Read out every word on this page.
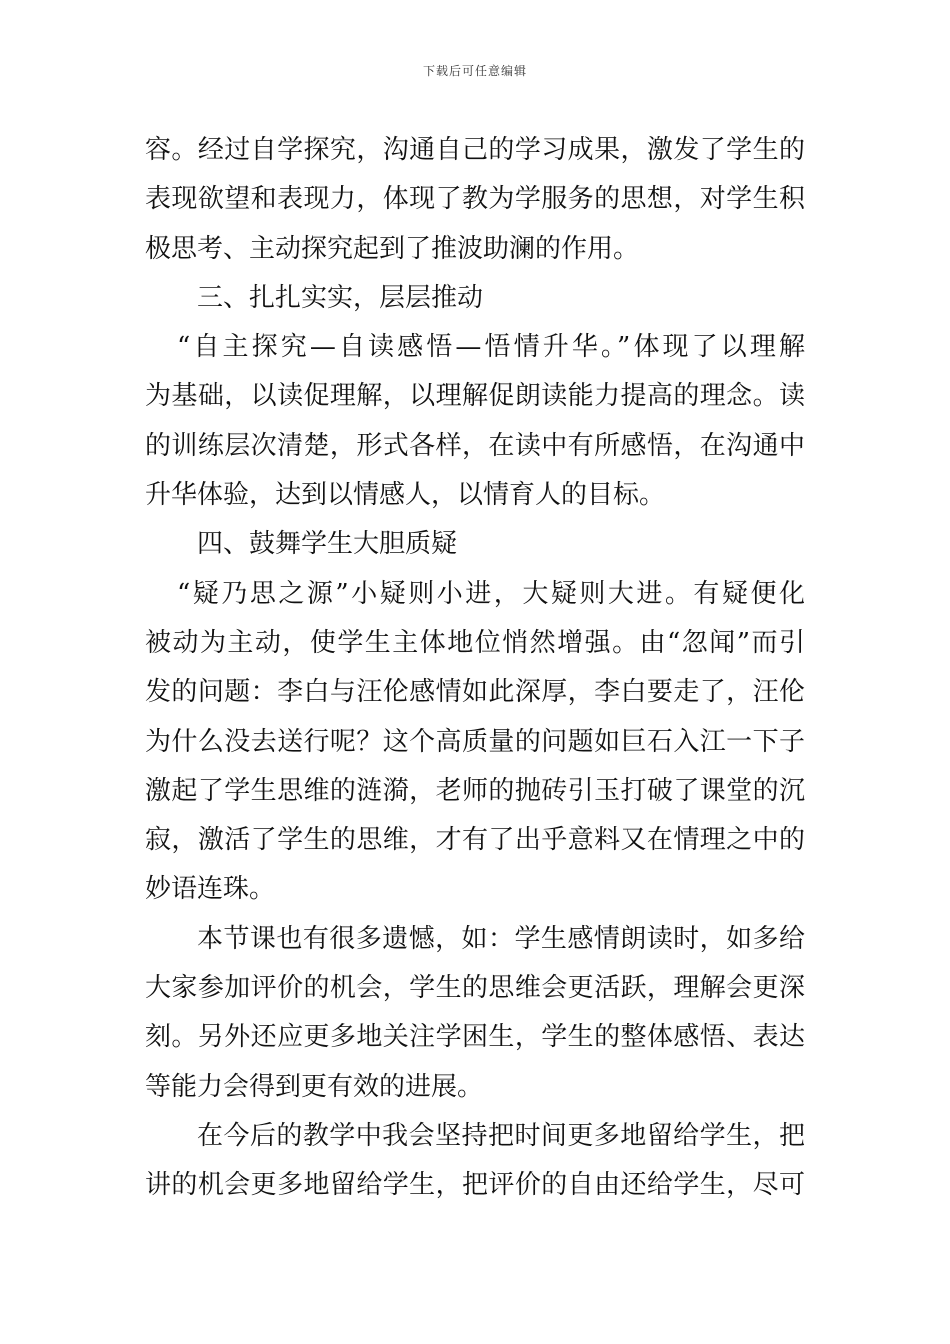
下载后可任意编辑
容。经过自学探究，沟通自己的学习成果，激发了学生的
表现欲望和表现力，体现了教为学服务的思想，对学生积
极思考、主动探究起到了推波助澜的作用。
三、扎扎实实，层层推动
“自主探究—自读感悟—悟情升华。”体现了以理解
为基础，以读促理解，以理解促朗读能力提高的理念。读
的训练层次清楚，形式各样，在读中有所感悟，在沟通中
升华体验，达到以情感人，以情育人的目标。
四、鼓舞学生大胆质疑
“疑乃思之源”小疑则小进，大疑则大进。有疑便化
被动为主动，使学生主体地位悄然增强。由“忽闻”而引
发的问题：李白与汪伦感情如此深厚，李白要走了，汪伦
为什么没去送行呢？这个高质量的问题如巨石入江一下子
激起了学生思维的涟漪，老师的抛砖引玉打破了课堂的沉
寂，激活了学生的思维，才有了出乎意料又在情理之中的
妙语连珠。
本节课也有很多遗憾，如：学生感情朗读时，如多给
大家参加评价的机会，学生的思维会更活跃，理解会更深
刻。另外还应更多地关注学困生，学生的整体感悟、表达
等能力会得到更有效的进展。
在今后的教学中我会坚持把时间更多地留给学生，把
讲的机会更多地留给学生，把评价的自由还给学生，尽可
